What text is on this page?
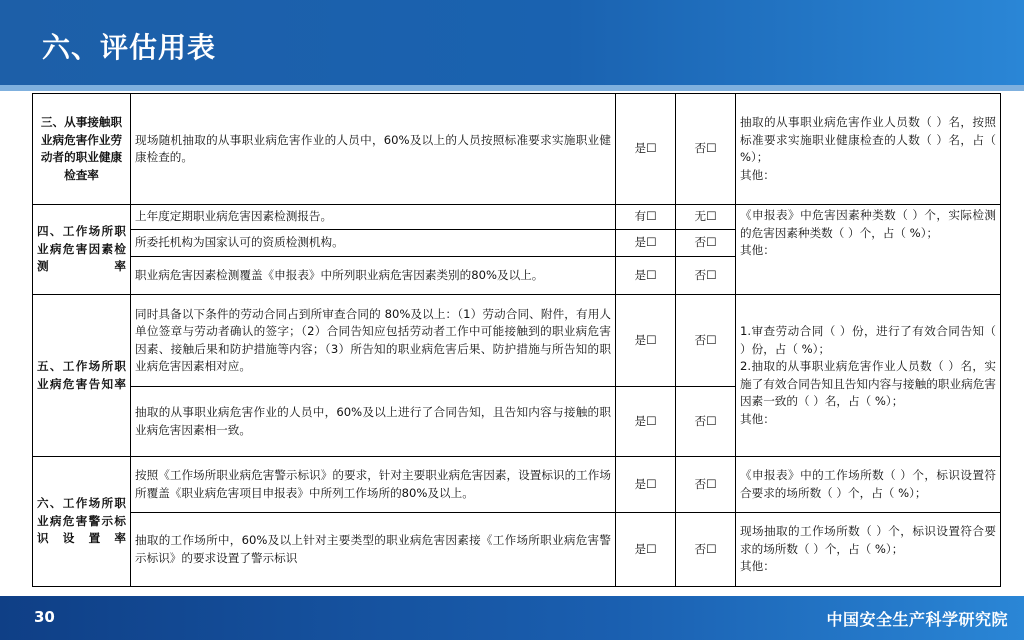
六、评估用表
三、从事接触职业病危害作业劳动者的职业健康检查率	现场随机抽取的从事职业病危害作业的人员中，60%及以上的人员按照标准要求实施职业健康检查的。	是☐	否☐	抽取的从事职业病危害作业人员数（ ）名，按照标准要求实施职业健康检查的人数（ ）名，占（ %）；
其他：
四、工作场所职业病危害因素检测率	上年度定期职业病危害因素检测报告。	有☐	无☐	《申报表》中危害因素种类数（ ）个，实际检测的危害因素种类数（ ）个，占（ %）；
其他：
	所委托机构为国家认可的资质检测机构。	是☐	否☐	
	职业病危害因素检测覆盖《申报表》中所列职业病危害因素类别的80%及以上。	是☐	否☐	
五、工作场所职业病危害告知率	同时具备以下条件的劳动合同占到所审查合同的 80%及以上：（1）劳动合同、附件，有用人单位签章与劳动者确认的签字；（2）合同告知应包括劳动者工作中可能接触到的职业病危害因素、接触后果和防护措施等内容；（3）所告知的职业病危害后果、防护措施与所告知的职业病危害因素相对应。	是☐	否☐	1.审查劳动合同（ ）份，进行了有效合同告知（ ）份，占（ %）；
2.抽取的从事职业病危害作业人员数（ ）名，实施了有效合同告知且告知内容与接触的职业病危害因素一致的（ ）名，占（ %）；
其他：
	抽取的从事职业病危害作业的人员中，60%及以上进行了合同告知，且告知内容与接触的职业病危害因素相一致。	是☐	否☐	
六、工作场所职业病危害警示标识设置率	按照《工作场所职业病危害警示标识》的要求，针对主要职业病危害因素，设置标识的工作场所覆盖《职业病危害项目申报表》中所列工作场所的80%及以上。	是☐	否☐	《申报表》中的工作场所数（ ）个，标识设置符合要求的场所数（ ）个，占（ %）；
	抽取的工作场所中，60%及以上针对主要类型的职业病危害因素接《工作场所职业病危害警示标识》的要求设置了警示标识	是☐	否☐	现场抽取的工作场所数（ ）个，标识设置符合要求的场所数（ ）个，占（ %）；
其他：
30	中国安全生产科学研究院
